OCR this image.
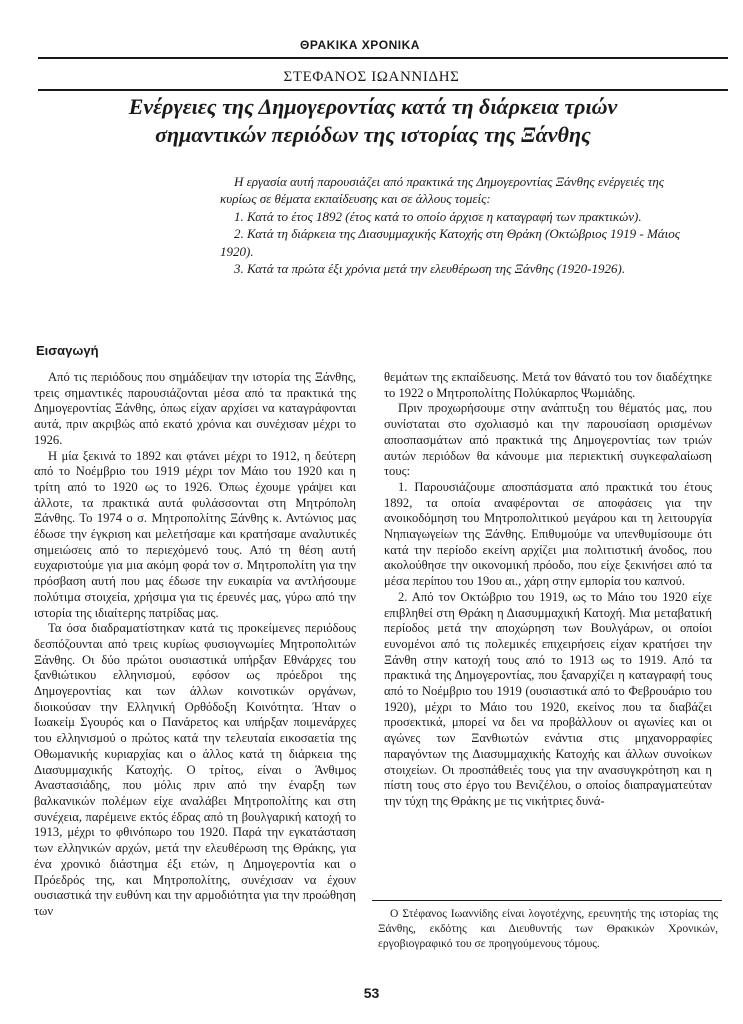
ΘΡΑΚΙΚΑ ΧΡΟΝΙΚΑ
ΣΤΕΦΑΝΟΣ ΙΩΑΝΝΙΔΗΣ
Ενέργειες της Δημογεροντίας κατά τη διάρκεια τριών
σημαντικών περιόδων της ιστορίας της Ξάνθης

Η εργασία αυτή παρουσιάζει από πρακτικά της Δημογεροντίας Ξάνθης ενέργειές της κυρίως σε θέματα εκπαίδευσης και σε άλλους τομείς:

1. Κατά το έτος 1892 (έτος κατά το οποίο άρχισε η καταγραφή των πρακτικών).

2. Κατά τη διάρκεια της Διασυμμαχικής Κατοχής στη Θράκη (Οκτώβριος 1919 - Μάιος 1920).

3. Κατά τα πρώτα έξι χρόνια μετά την ελευθέρωση της Ξάνθης (1920-1926).

Εισαγωγή

Από τις περιόδους που σημάδεψαν την ιστορία της Ξάνθης, τρεις σημαντικές παρουσιάζονται μέσα από τα πρακτικά της Δημογεροντίας Ξάνθης, όπως είχαν αρχίσει να καταγράφονται αυτά, πριν ακριβώς από εκατό χρόνια και συνέχισαν μέχρι το 1926.

Η μία ξεκινά το 1892 και φτάνει μέχρι το 1912, η δεύτερη από το Νοέμβριο του 1919 μέχρι τον Μάιο του 1920 και η τρίτη από το 1920 ως το 1926. Όπως έχουμε γράψει και άλλοτε, τα πρακτικά αυτά φυλάσσονται στη Μητρόπολη Ξάνθης. Το 1974 ο σ. Μητροπολίτης Ξάνθης κ. Αντώνιος μας έδωσε την έγκριση και μελετήσαμε και κρατήσαμε αναλυτικές σημειώσεις από το περιεχόμενό τους. Από τη θέση αυτή ευχαριστούμε για μια ακόμη φορά τον σ. Μητροπολίτη για την πρόσβαση αυτή που μας έδωσε την ευκαιρία να αντλήσουμε πολύτιμα στοιχεία, χρήσιμα για τις έρευνές μας, γύρω από την ιστορία της ιδιαίτερης πατρίδας μας.

Τα όσα διαδραματίστηκαν κατά τις προκείμενες περιόδους δεσπόζουνται από τρεις κυρίως φυσιογνωμίες Μητροπολιτών Ξάνθης. Οι δύο πρώτοι ουσιαστικά υπήρξαν Εθνάρχες του ξανθιώτικου ελληνισμού, εφόσον ως πρόεδροι της Δημογεροντίας και των άλλων κοινοτικών οργάνων, διοικούσαν την Ελληνική Ορθόδοξη Κοινότητα. Ήταν ο Ιωακείμ Σγουρός και ο Πανάρετος και υπήρξαν ποιμενάρχες του ελληνισμού ο πρώτος κατά την τελευταία εικοσαετία της Οθωμανικής κυριαρχίας και ο άλλος κατά τη διάρκεια της Διασυμμαχικής Κατοχής. Ο τρίτος, είναι ο Άνθιμος Αναστασιάδης, που μόλις πριν από την έναρξη των βαλκανικών πολέμων είχε αναλάβει Μητροπολίτης και στη συνέχεια, παρέμεινε εκτός έδρας από τη βουλγαρική κατοχή το 1913, μέχρι το φθινόπωρο του 1920. Παρά την εγκατάσταση των ελληνικών αρχών, μετά την ελευθέρωση της Θράκης, για ένα χρονικό διάστημα έξι ετών, η Δημογεροντία και ο Πρόεδρός της, και Μητροπολίτης, συνέχισαν να έχουν ουσιαστικά την ευθύνη και την αρμοδιότητα για την προώθηση των

θεμάτων της εκπαίδευσης. Μετά τον θάνατό του τον διαδέχτηκε το 1922 ο Μητροπολίτης Πολύκαρπος Ψωμιάδης.

Πριν προχωρήσουμε στην ανάπτυξη του θέματός μας, που συνίσταται στο σχολιασμό και την παρουσίαση ορισμένων αποσπασμάτων από πρακτικά της Δημογεροντίας των τριών αυτών περιόδων θα κάνουμε μια περιεκτική συγκεφαλαίωση τους:

1. Παρουσιάζουμε αποσπάσματα από πρακτικά του έτους 1892, τα οποία αναφέρονται σε αποφάσεις για την ανοικοδόμηση του Μητροπολιτικού μεγάρου και τη λειτουργία Νηπιαγωγείων της Ξάνθης. Επιθυμούμε να υπενθυμίσουμε ότι κατά την περίοδο εκείνη αρχίζει μια πολιτιστική άνοδος, που ακολούθησε την οικονομική πρόοδο, που είχε ξεκινήσει από τα μέσα περίπου του 19ου αι., χάρη στην εμπορία του καπνού.

2. Από τον Οκτώβριο του 1919, ως το Μάιο του 1920 είχε επιβληθεί στη Θράκη η Διασυμμαχική Κατοχή. Μια μεταβατική περίοδος μετά την αποχώρηση των Βουλγάρων, οι οποίοι ευνομένοι από τις πολεμικές επιχειρήσεις είχαν κρατήσει την Ξάνθη στην κατοχή τους από το 1913 ως το 1919. Από τα πρακτικά της Δημογεροντίας, που ξαναρχίζει η καταγραφή τους από το Νοέμβριο του 1919 (ουσιαστικά από το Φεβρουάριο του 1920), μέχρι το Μάιο του 1920, εκείνος που τα διαβάζει προσεκτικά, μπορεί να δει να προβάλλουν οι αγωνίες και οι αγώνες των Ξανθιωτών ενάντια στις μηχανορραφίες παραγόντων της Διασυμμαχικής Κατοχής και άλλων συνοίκων στοιχείων. Οι προσπάθειές τους για την ανασυγκρότηση και η πίστη τους στο έργο του Βενιζέλου, ο οποίος διαπραγματεύταν την τύχη της Θράκης με τις νικήτριες δυνά-

Ο Στέφανος Ιωαννίδης είναι λογοτέχνης, ερευνητής της ιστορίας της Ξάνθης, εκδότης και Διευθυντής των Θρακικών Χρονικών, εργοβιογραφικό του σε προηγούμενους τόμους.
53
